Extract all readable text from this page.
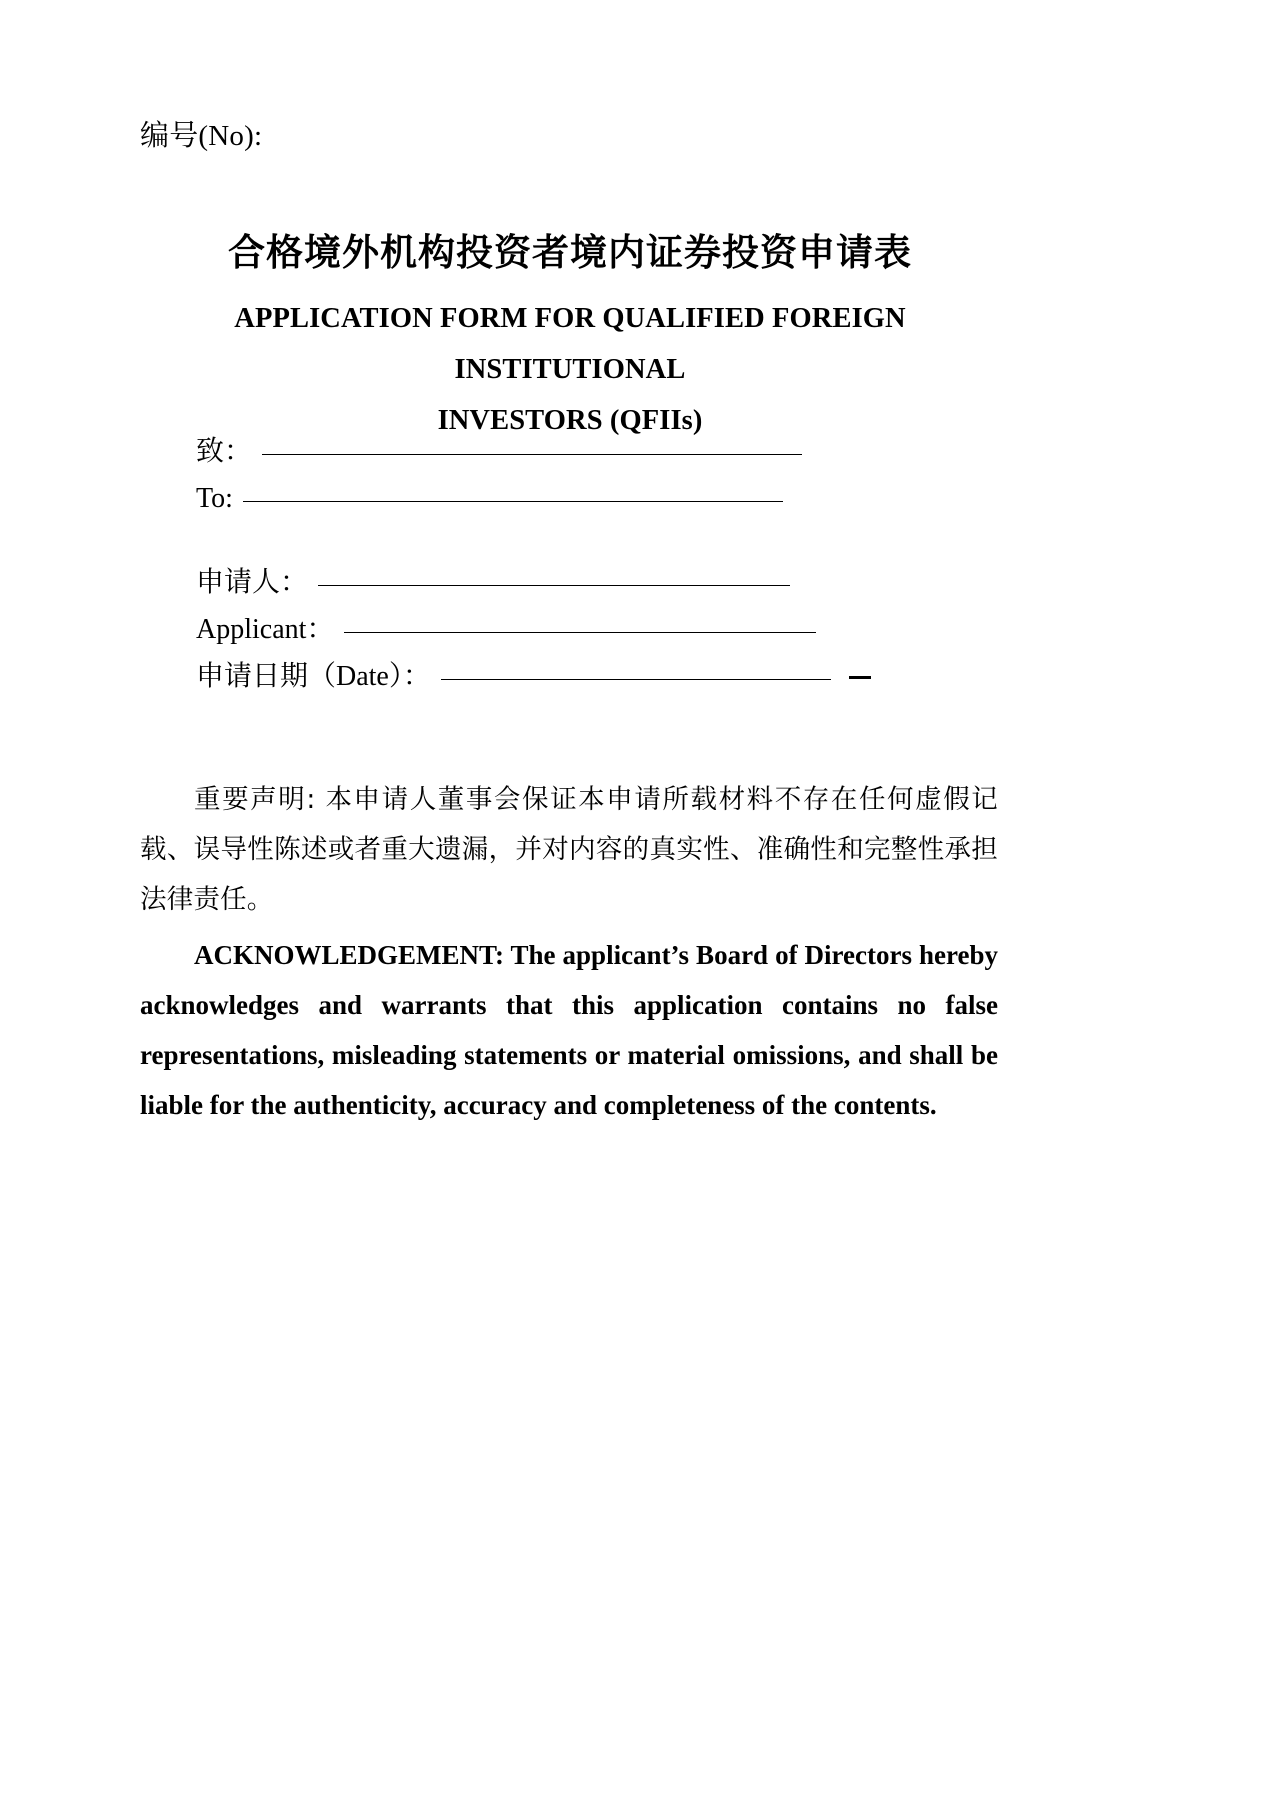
编号(No):
合格境外机构投资者境内证券投资申请表
APPLICATION FORM FOR QUALIFIED FOREIGN INSTITUTIONAL
INVESTORS (QFIIs)
致：
To:
申请人：
Applicant：
申请日期（Date）：
重要声明: 本申请人董事会保证本申请所载材料不存在任何虚假记载、误导性陈述或者重大遗漏，并对内容的真实性、准确性和完整性承担法律责任。
ACKNOWLEDGEMENT: The applicant’s Board of Directors hereby acknowledges and warrants that this application contains no false representations, misleading statements or material omissions, and shall be liable for the authenticity, accuracy and completeness of the contents.
